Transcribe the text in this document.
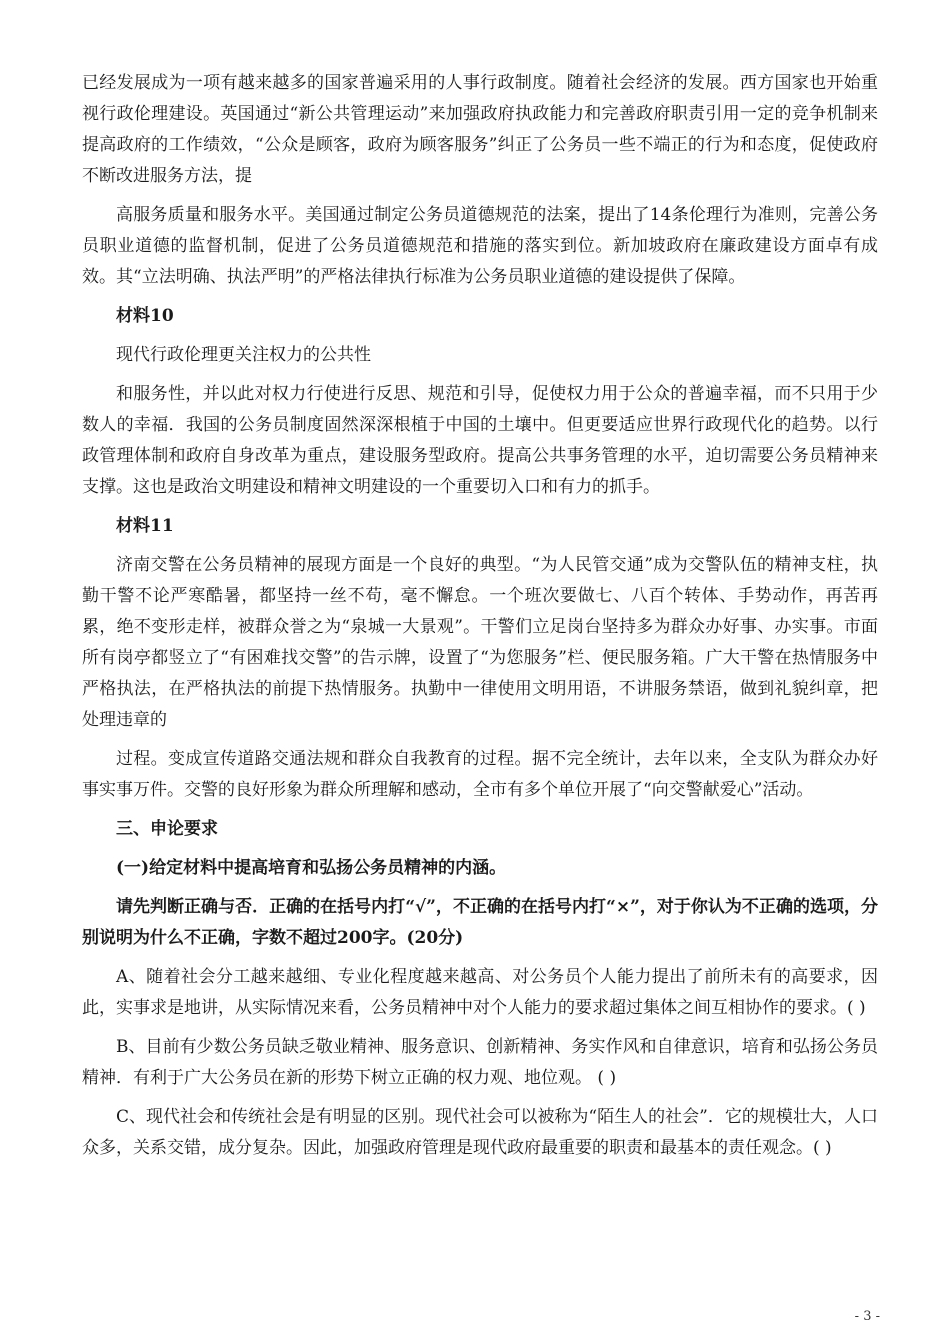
已经发展成为一项有越来越多的国家普遍采用的人事行政制度。随着社会经济的发展。西方国家也开始重视行政伦理建设。英国通过“新公共管理运动”来加强政府执政能力和完善政府职责引用一定的竞争机制来提高政府的工作绩效，“公众是顾客，政府为顾客服务”纠正了公务员一些不端正的行为和态度，促使政府不断改进服务方法，提

高服务质量和服务水平。美国通过制定公务员道德规范的法案，提出了14条伦理行为准则，完善公务员职业道德的监督机制，促进了公务员道德规范和措施的落实到位。新加坡政府在廉政建设方面卓有成效。其“立法明确、执法严明”的严格法律执行标准为公务员职业道德的建设提供了保障。

材料10

现代行政伦理更关注权力的公共性

和服务性，并以此对权力行使进行反思、规范和引导，促使权力用于公众的普遍幸福，而不只用于少数人的幸福．我国的公务员制度固然深深根植于中国的土壤中。但更要适应世界行政现代化的趋势。以行政管理体制和政府自身改革为重点，建设服务型政府。提高公共事务管理的水平，迫切需要公务员精神来支撑。这也是政治文明建设和精神文明建设的一个重要切入口和有力的抓手。

材料11

济南交警在公务员精神的展现方面是一个良好的典型。“为人民管交通”成为交警队伍的精神支柱，执勤干警不论严寒酷暑，都坚持一丝不苟，毫不懈怠。一个班次要做七、八百个转体、手势动作，再苦再累，绝不变形走样，被群众誉之为“泉城一大景观”。干警们立足岗台坚持多为群众办好事、办实事。市面所有岗亭都竖立了“有困难找交警”的告示牌，设置了“为您服务”栏、便民服务箱。广大干警在热情服务中严格执法，在严格执法的前提下热情服务。执勤中一律使用文明用语，不讲服务禁语，做到礼貌纠章，把处理违章的

过程。变成宣传道路交通法规和群众自我教育的过程。据不完全统计，去年以来，全支队为群众办好事实事万件。交警的良好形象为群众所理解和感动，全市有多个单位开展了“向交警献爱心”活动。

三、申论要求

(一)给定材料中提高培育和弘扬公务员精神的内涵。

请先判断正确与否．正确的在括号内打“√”，不正确的在括号内打“×”，对于你认为不正确的选项，分别说明为什么不正确，字数不超过200字。(20分)

A、随着社会分工越来越细、专业化程度越来越高、对公务员个人能力提出了前所未有的高要求，因此，实事求是地讲，从实际情况来看，公务员精神中对个人能力的要求超过集体之间互相协作的要求。( )

B、目前有少数公务员缺乏敬业精神、服务意识、创新精神、务实作风和自律意识，培育和弘扬公务员精神．有利于广大公务员在新的形势下树立正确的权力观、地位观。 ( )

C、现代社会和传统社会是有明显的区别。现代社会可以被称为“陌生人的社会”．它的规模壮大，人口众多，关系交错，成分复杂。因此，加强政府管理是现代政府最重要的职责和最基本的责任观念。( )

- 3 -
